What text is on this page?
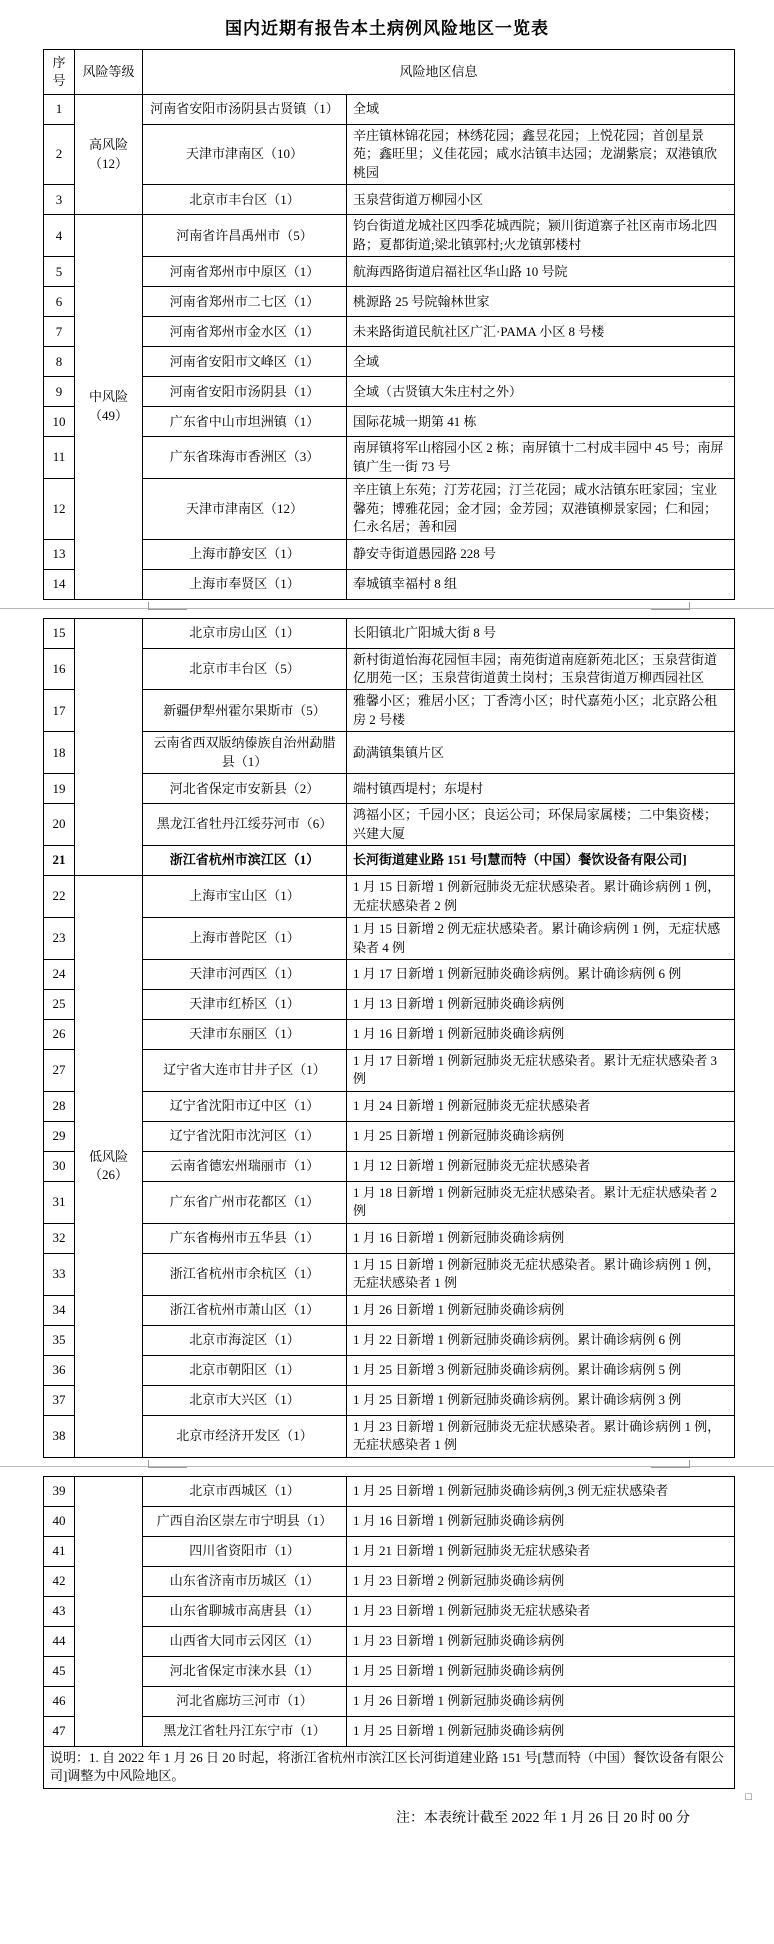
国内近期有报告本土病例风险地区一览表
序号	风险等级	风险地区信息	
1	高风险（12）	河南省安阳市汤阴县古贤镇（1）	全域
2		天津市津南区（10）	辛庄镇林锦花园；林绣花园；鑫昱花园；上悦花园；首创星景苑；鑫旺里；义佳花园；咸水沽镇丰达园；龙湖紫宸；双港镇欣桃园
3		北京市丰台区（1）	玉泉营街道万柳园小区
4	中风险（49）	河南省许昌禹州市（5）	钧台街道龙城社区四季花城西院；颍川街道寨子社区南市场北四路；夏都街道;梁北镇郭村;火龙镇郭楼村
5		河南省郑州市中原区（1）	航海西路街道启福社区华山路 10 号院
6		河南省郑州市二七区（1）	桃源路 25 号院翰林世家
7		河南省郑州市金水区（1）	未来路街道民航社区广汇·PAMA 小区 8 号楼
8		河南省安阳市文峰区（1）	全域
9		河南省安阳市汤阴县（1）	全域（古贤镇大朱庄村之外）
10		广东省中山市坦洲镇（1）	国际花城一期第 41 栋
11		广东省珠海市香洲区（3）	南屏镇将军山榕园小区 2 栋；南屏镇十二村成丰园中 45 号；南屏镇广生一街 73 号
12		天津市津南区（12）	辛庄镇上东苑；汀芳花园；汀兰花园；咸水沽镇东旺家园；宝业馨苑；博雅花园；金才园；金芳园；双港镇柳景家园；仁和园；仁永名居；善和园
13		上海市静安区（1）	静安寺街道愚园路 228 号
14		上海市奉贤区（1）	奉城镇幸福村 8 组
15		北京市房山区（1）	长阳镇北广阳城大街 8 号
16		北京市丰台区（5）	新村街道怡海花园恒丰园；南苑街道南庭新苑北区；玉泉营街道亿朋苑一区；玉泉营街道黄土岗村；玉泉营街道万柳西园社区
17		新疆伊犁州霍尔果斯市（5）	雅馨小区；雅居小区；丁香湾小区；时代嘉苑小区；北京路公租房 2 号楼
18		云南省西双版纳傣族自治州勐腊县（1）	勐满镇集镇片区
19		河北省保定市安新县（2）	端村镇西堤村；东堤村
20		黑龙江省牡丹江绥芬河市（6）	鸿福小区；千园小区；良运公司；环保局家属楼；二中集资楼；兴建大厦
21		浙江省杭州市滨江区（1）	长河街道建业路 151 号[慧而特（中国）餐饮设备有限公司]
22	低风险（26）	上海市宝山区（1）	1 月 15 日新增 1 例新冠肺炎无症状感染者。累计确诊病例 1 例，无症状感染者 2 例
23		上海市普陀区（1）	1 月 15 日新增 2 例无症状感染者。累计确诊病例 1 例，无症状感染者 4 例
24		天津市河西区（1）	1 月 17 日新增 1 例新冠肺炎确诊病例。累计确诊病例 6 例
25		天津市红桥区（1）	1 月 13 日新增 1 例新冠肺炎确诊病例
26		天津市东丽区（1）	1 月 16 日新增 1 例新冠肺炎确诊病例
27		辽宁省大连市甘井子区（1）	1 月 17 日新增 1 例新冠肺炎无症状感染者。累计无症状感染者 3 例
28		辽宁省沈阳市辽中区（1）	1 月 24 日新增 1 例新冠肺炎无症状感染者
29		辽宁省沈阳市沈河区（1）	1 月 25 日新增 1 例新冠肺炎确诊病例
30		云南省德宏州瑞丽市（1）	1 月 12 日新增 1 例新冠肺炎无症状感染者
31		广东省广州市花都区（1）	1 月 18 日新增 1 例新冠肺炎无症状感染者。累计无症状感染者 2 例
32		广东省梅州市五华县（1）	1 月 16 日新增 1 例新冠肺炎确诊病例
33		浙江省杭州市余杭区（1）	1 月 15 日新增 1 例新冠肺炎无症状感染者。累计确诊病例 1 例，无症状感染者 1 例
34		浙江省杭州市萧山区（1）	1 月 26 日新增 1 例新冠肺炎确诊病例
35		北京市海淀区（1）	1 月 22 日新增 1 例新冠肺炎确诊病例。累计确诊病例 6 例
36		北京市朝阳区（1）	1 月 25 日新增 3 例新冠肺炎确诊病例。累计确诊病例 5 例
37		北京市大兴区（1）	1 月 25 日新增 1 例新冠肺炎确诊病例。累计确诊病例 3 例
38		北京市经济开发区（1）	1 月 23 日新增 1 例新冠肺炎无症状感染者。累计确诊病例 1 例，无症状感染者 1 例
39		北京市西城区（1）	1 月 25 日新增 1 例新冠肺炎确诊病例,3 例无症状感染者
40		广西自治区崇左市宁明县（1）	1 月 16 日新增 1 例新冠肺炎确诊病例
41		四川省资阳市（1）	1 月 21 日新增 1 例新冠肺炎无症状感染者
42		山东省济南市历城区（1）	1 月 23 日新增 2 例新冠肺炎确诊病例
43		山东省聊城市高唐县（1）	1 月 23 日新增 1 例新冠肺炎无症状感染者
44		山西省大同市云冈区（1）	1 月 23 日新增 1 例新冠肺炎确诊病例
45		河北省保定市涞水县（1）	1 月 25 日新增 1 例新冠肺炎确诊病例
46		河北省廊坊三河市（1）	1 月 26 日新增 1 例新冠肺炎确诊病例
47		黑龙江省牡丹江东宁市（1）	1 月 25 日新增 1 例新冠肺炎确诊病例
说明：1. 自 2022 年 1 月 26 日 20 时起，将浙江省杭州市滨江区长河街道建业路 151 号[慧而特（中国）餐饮设备有限公司]调整为中风险地区。			
□
注：本表统计截至 2022 年 1 月 26 日 20 时 00 分
